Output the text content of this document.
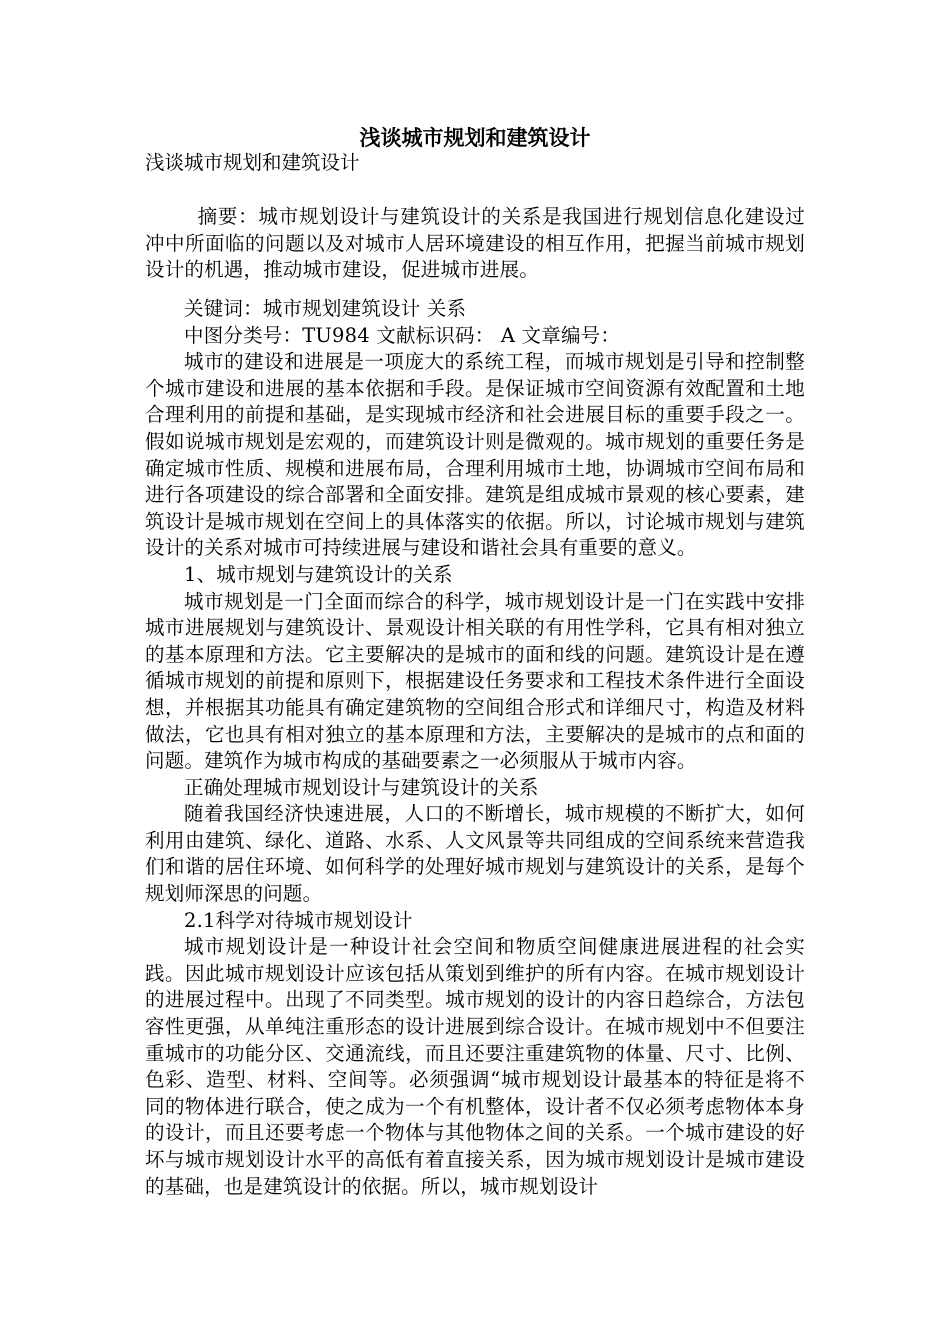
浅谈城市规划和建筑设计
浅谈城市规划和建筑设计

摘要：城市规划设计与建筑设计的关系是我国进行规划信息化建设过冲中所面临的问题以及对城市人居环境建设的相互作用，把握当前城市规划设计的机遇，推动城市建设，促进城市进展。

关键词：城市规划建筑设计 关系

中图分类号：TU984 文献标识码： A 文章编号：

城市的建设和进展是一项庞大的系统工程，而城市规划是引导和控制整个城市建设和进展的基本依据和手段。是保证城市空间资源有效配置和土地合理利用的前提和基础，是实现城市经济和社会进展目标的重要手段之一。假如说城市规划是宏观的，而建筑设计则是微观的。城市规划的重要任务是确定城市性质、规模和进展布局，合理利用城市土地，协调城市空间布局和进行各项建设的综合部署和全面安排。建筑是组成城市景观的核心要素，建筑设计是城市规划在空间上的具体落实的依据。所以，讨论城市规划与建筑设计的关系对城市可持续进展与建设和谐社会具有重要的意义。

1、城市规划与建筑设计的关系

城市规划是一门全面而综合的科学，城市规划设计是一门在实践中安排城市进展规划与建筑设计、景观设计相关联的有用性学科，它具有相对独立的基本原理和方法。它主要解决的是城市的面和线的问题。建筑设计是在遵循城市规划的前提和原则下，根据建设任务要求和工程技术条件进行全面设想，并根据其功能具有确定建筑物的空间组合形式和详细尺寸，构造及材料做法，它也具有相对独立的基本原理和方法，主要解决的是城市的点和面的问题。建筑作为城市构成的基础要素之一必须服从于城市内容。

正确处理城市规划设计与建筑设计的关系

随着我国经济快速进展，人口的不断增长，城市规模的不断扩大，如何利用由建筑、绿化、道路、水系、人文风景等共同组成的空间系统来营造我们和谐的居住环境、如何科学的处理好城市规划与建筑设计的关系，是每个规划师深思的问题。

2.1科学对待城市规划设计

城市规划设计是一种设计社会空间和物质空间健康进展进程的社会实践。因此城市规划设计应该包括从策划到维护的所有内容。在城市规划设计的进展过程中。出现了不同类型。城市规划的设计的内容日趋综合，方法包容性更强，从单纯注重形态的设计进展到综合设计。在城市规划中不但要注重城市的功能分区、交通流线，而且还要注重建筑物的体量、尺寸、比例、色彩、造型、材料、空间等。必须强调“城市规划设计最基本的特征是将不同的物体进行联合，使之成为一个有机整体，设计者不仅必须考虑物体本身的设计，而且还要考虑一个物体与其他物体之间的关系。一个城市建设的好坏与城市规划设计水平的高低有着直接关系，因为城市规划设计是城市建设的基础，也是建筑设计的依据。所以，城市规划设计
